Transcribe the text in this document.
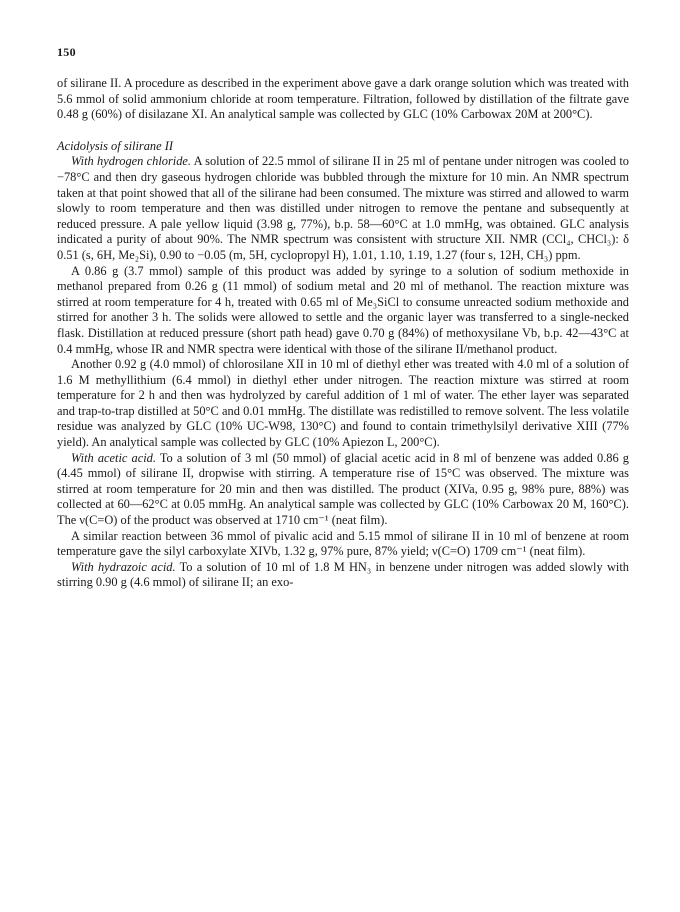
150

of silirane II. A procedure as described in the experiment above gave a dark orange solution which was treated with 5.6 mmol of solid ammonium chloride at room temperature. Filtration, followed by distillation of the filtrate gave 0.48 g (60%) of disilazane XI. An analytical sample was collected by GLC (10% Carbowax 20M at 200°C).

Acidolysis of silirane II

With hydrogen chloride. A solution of 22.5 mmol of silirane II in 25 ml of pentane under nitrogen was cooled to −78°C and then dry gaseous hydrogen chloride was bubbled through the mixture for 10 min. An NMR spectrum taken at that point showed that all of the silirane had been consumed. The mixture was stirred and allowed to warm slowly to room temperature and then was distilled under nitrogen to remove the pentane and subsequently at reduced pressure. A pale yellow liquid (3.98 g, 77%), b.p. 58—60°C at 1.0 mmHg, was obtained. GLC analysis indicated a purity of about 90%. The NMR spectrum was consistent with structure XII. NMR (CCl₄, CHCl₃): δ 0.51 (s, 6H, Me₂Si), 0.90 to −0.05 (m, 5H, cyclopropyl H), 1.01, 1.10, 1.19, 1.27 (four s, 12H, CH₃) ppm.

A 0.86 g (3.7 mmol) sample of this product was added by syringe to a solution of sodium methoxide in methanol prepared from 0.26 g (11 mmol) of sodium metal and 20 ml of methanol. The reaction mixture was stirred at room temperature for 4 h, treated with 0.65 ml of Me₃SiCl to consume unreacted sodium methoxide and stirred for another 3 h. The solids were allowed to settle and the organic layer was transferred to a single-necked flask. Distillation at reduced pressure (short path head) gave 0.70 g (84%) of methoxysilane Vb, b.p. 42—43°C at 0.4 mmHg, whose IR and NMR spectra were identical with those of the silirane II/methanol product.

Another 0.92 g (4.0 mmol) of chlorosilane XII in 10 ml of diethyl ether was treated with 4.0 ml of a solution of 1.6 M methyllithium (6.4 mmol) in diethyl ether under nitrogen. The reaction mixture was stirred at room temperature for 2 h and then was hydrolyzed by careful addition of 1 ml of water. The ether layer was separated and trap-to-trap distilled at 50°C and 0.01 mmHg. The distillate was redistilled to remove solvent. The less volatile residue was analyzed by GLC (10% UC-W98, 130°C) and found to contain trimethylsilyl derivative XIII (77% yield). An analytical sample was collected by GLC (10% Apiezon L, 200°C).

With acetic acid. To a solution of 3 ml (50 mmol) of glacial acetic acid in 8 ml of benzene was added 0.86 g (4.45 mmol) of silirane II, dropwise with stirring. A temperature rise of 15°C was observed. The mixture was stirred at room temperature for 20 min and then was distilled. The product (XIVa, 0.95 g, 98% pure, 88%) was collected at 60—62°C at 0.05 mmHg. An analytical sample was collected by GLC (10% Carbowax 20 M, 160°C). The ν(C=O) of the product was observed at 1710 cm⁻¹ (neat film).

A similar reaction between 36 mmol of pivalic acid and 5.15 mmol of silirane II in 10 ml of benzene at room temperature gave the silyl carboxylate XIVb, 1.32 g, 97% pure, 87% yield; ν(C=O) 1709 cm⁻¹ (neat film).

With hydrazoic acid. To a solution of 10 ml of 1.8 M HN₃ in benzene under nitrogen was added slowly with stirring 0.90 g (4.6 mmol) of silirane II; an exo-
